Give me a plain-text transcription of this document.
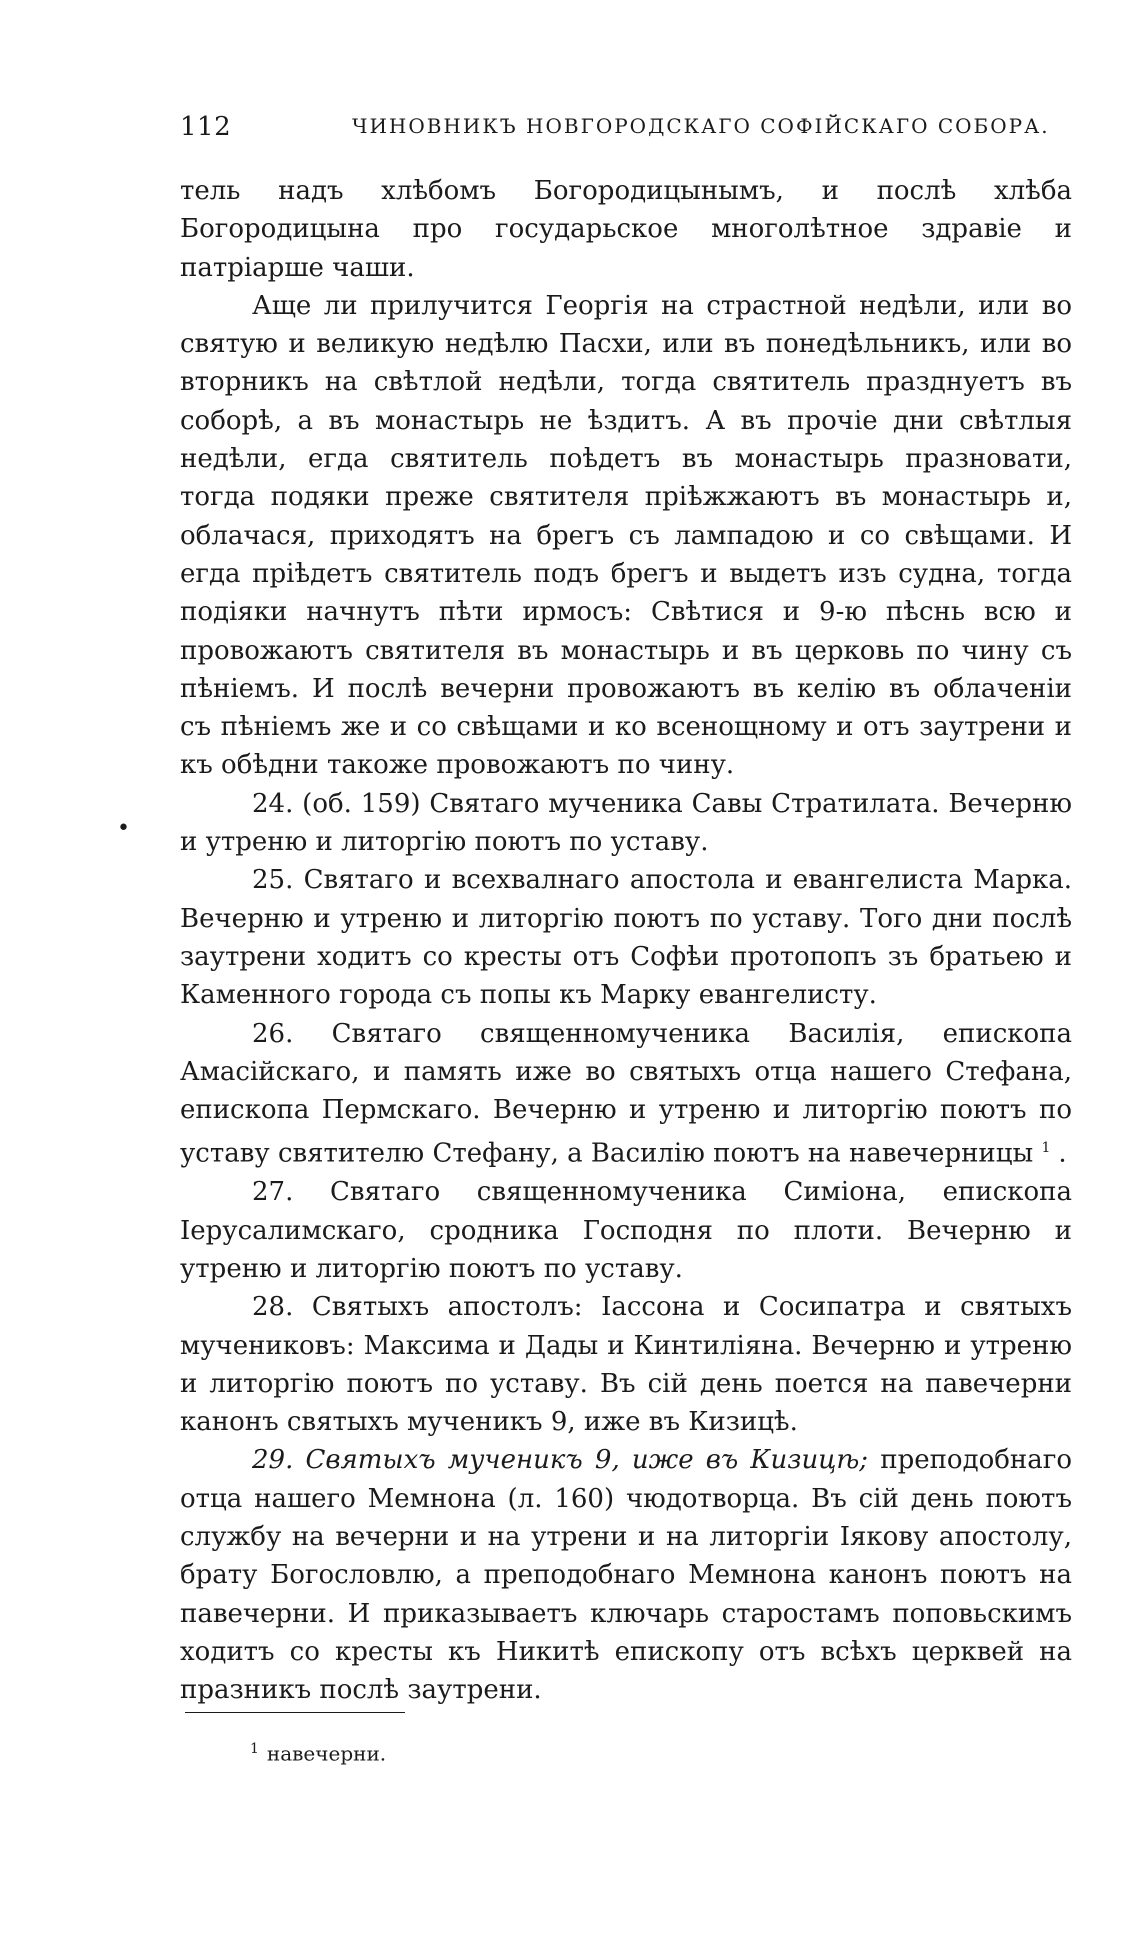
112	ЧИНОВНИКЪ НОВГОРОДСКАГО СОФІЙСКАГО СОБОРА.
•

тель надъ хлѣбомъ Богородицынымъ, и послѣ хлѣба Богородицына про государьское многолѣтное здравіе и патріаршe чаши.

Аще ли прилучится Георгія на страстной недѣли, или во святую и великую недѣлю Пасхи, или въ понедѣльникъ, или во вторникъ на свѣтлой недѣли, тогда святитель празднуетъ въ соборѣ, а въ монастырь не ѣздитъ. А въ прочіе дни свѣтлыя недѣли, егда святитель поѣдетъ въ монастырь празновати, тогда подяки прежe святителя пріѣжжаютъ въ монастырь и, облачася, приходятъ на брегъ съ лампадою и со свѣщами. И егда пріѣдетъ святитель подъ брегъ и выдетъ изъ судна, тогда подіяки начнутъ пѣти ирмосъ: Свѣтися и 9-ю пѣснь всю и провожаютъ святителя въ монастырь и въ церковь по чину съ пѣніемъ. И послѣ вечерни провожаютъ въ келію въ облаченіи съ пѣніемъ же и со свѣщами и ко всенощному и отъ заутрени и къ обѣдни такоже провожаютъ по чину.

24. (об. 159) Святаго мученика Савы Стратилата. Вечерню и утреню и литоргію поютъ по уставу.

25. Святаго и всехвалнаго апостола и евангелиста Марка. Вечерню и утреню и литоргію поютъ по уставу. Того дни послѣ заутрени ходитъ со кресты отъ Софѣи протопопъ зъ братьею и Каменного города съ попы къ Марку евангелисту.

26. Святаго священномученика Василія, епископа Амасійскаго, и память иже во святыхъ отца нашего Стефана, епископа Пермскаго. Вечерню и утреню и литоргію поютъ по уставу святителю Стефану, а Василію поютъ на навечерницы $^1$ .

27. Святаго священномученика Симіона, епископа Іерусалимскаго, сродника Господня по плоти. Вечерню и утреню и литоргію поютъ по уставу.

28. Святыхъ апостолъ: Іассона и Сосипатра и святыхъ мучениковъ: Максима и Дады и Кинтиліяна. Вечерню и утреню и литоргію поютъ по уставу. Въ сій день поется на павечерни канонъ святыхъ мученикъ 9, иже въ Кизицѣ.

29. Святыхъ мученикъ 9, иже въ Кизицѣ; преподобнаго отца нашего Мемнона (л. 160) чюдотворца. Въ сій день поютъ службу на вечерни и на утрени и на литоргіи Іякову апостолу, брату Богословлю, а преподобнаго Мемнона канонъ поютъ на павечерни. И приказываетъ ключарь старостамъ поповьскимъ ходитъ со кресты къ Никитѣ епископу отъ всѣхъ церквей на празникъ послѣ заутрени.

$^1$ навечерни.
